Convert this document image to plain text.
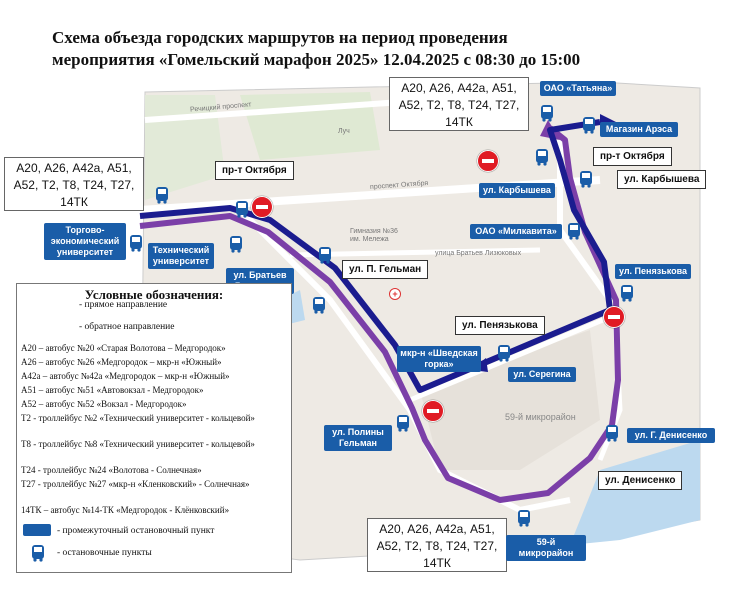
Схема объезда городских маршрутов на период проведения
мероприятия «Гомельский марафон 2025» 12.04.2025 с 08:30 до 15:00
+
Речицкий проспект
проспект Октября
Луч
улица Братьев Лизюковых
Гимназия №36 им. Мележа
59-й микрорайон
А20, А26, А42а, А51,
А52, Т2, Т8, Т24, Т27,
14ТК
А20, А26, А42а, А51,
А52, Т2, Т8, Т24, Т27,
14ТК
А20, А26, А42а, А51,
А52, Т2, Т8, Т24, Т27,
14ТК
пр-т Октября
пр-т Октября
ул. Карбышева
ул. П. Гельман
ул. Пенязькова
ул. Денисенко
Торгово-экономический университет	Технический университет
ул. Братьев
ОАО «Татьяна»
Магазин Арэса
ул. Карбышева
ОАО «Милкавита»
ул. Пенязькова
мкр-н «Шведская горка»
ул. Серегина
ул. Полины Гельман
ул. Г. Денисенко
59-й микрорайон
Условные обозначения:
- прямое направление
- обратное направление
А20 – автобус №20 «Старая Волотова – Медгородок»
А26 – автобус №26 «Медгородок – мкр-н «Южный»
А42а – автобус №42а «Медгородок – мкр-н «Южный»
А51 – автобус №51 «Автовокзал - Медгородок»
А52 – автобус №52 «Вокзал - Медгородок»
Т2 - троллейбус №2 «Технический университет - кольцевой»
Т8 - троллейбус №8 «Технический университет - кольцевой»
Т24 - троллейбус №24 «Волотова - Солнечная»
Т27 - троллейбус №27 «мкр-н «Кленковский» - Солнечная»
14ТК – автобус №14-ТК «Медгородок - Клёнковский»
- промежуточный остановочный пункт
- остановочные пункты
